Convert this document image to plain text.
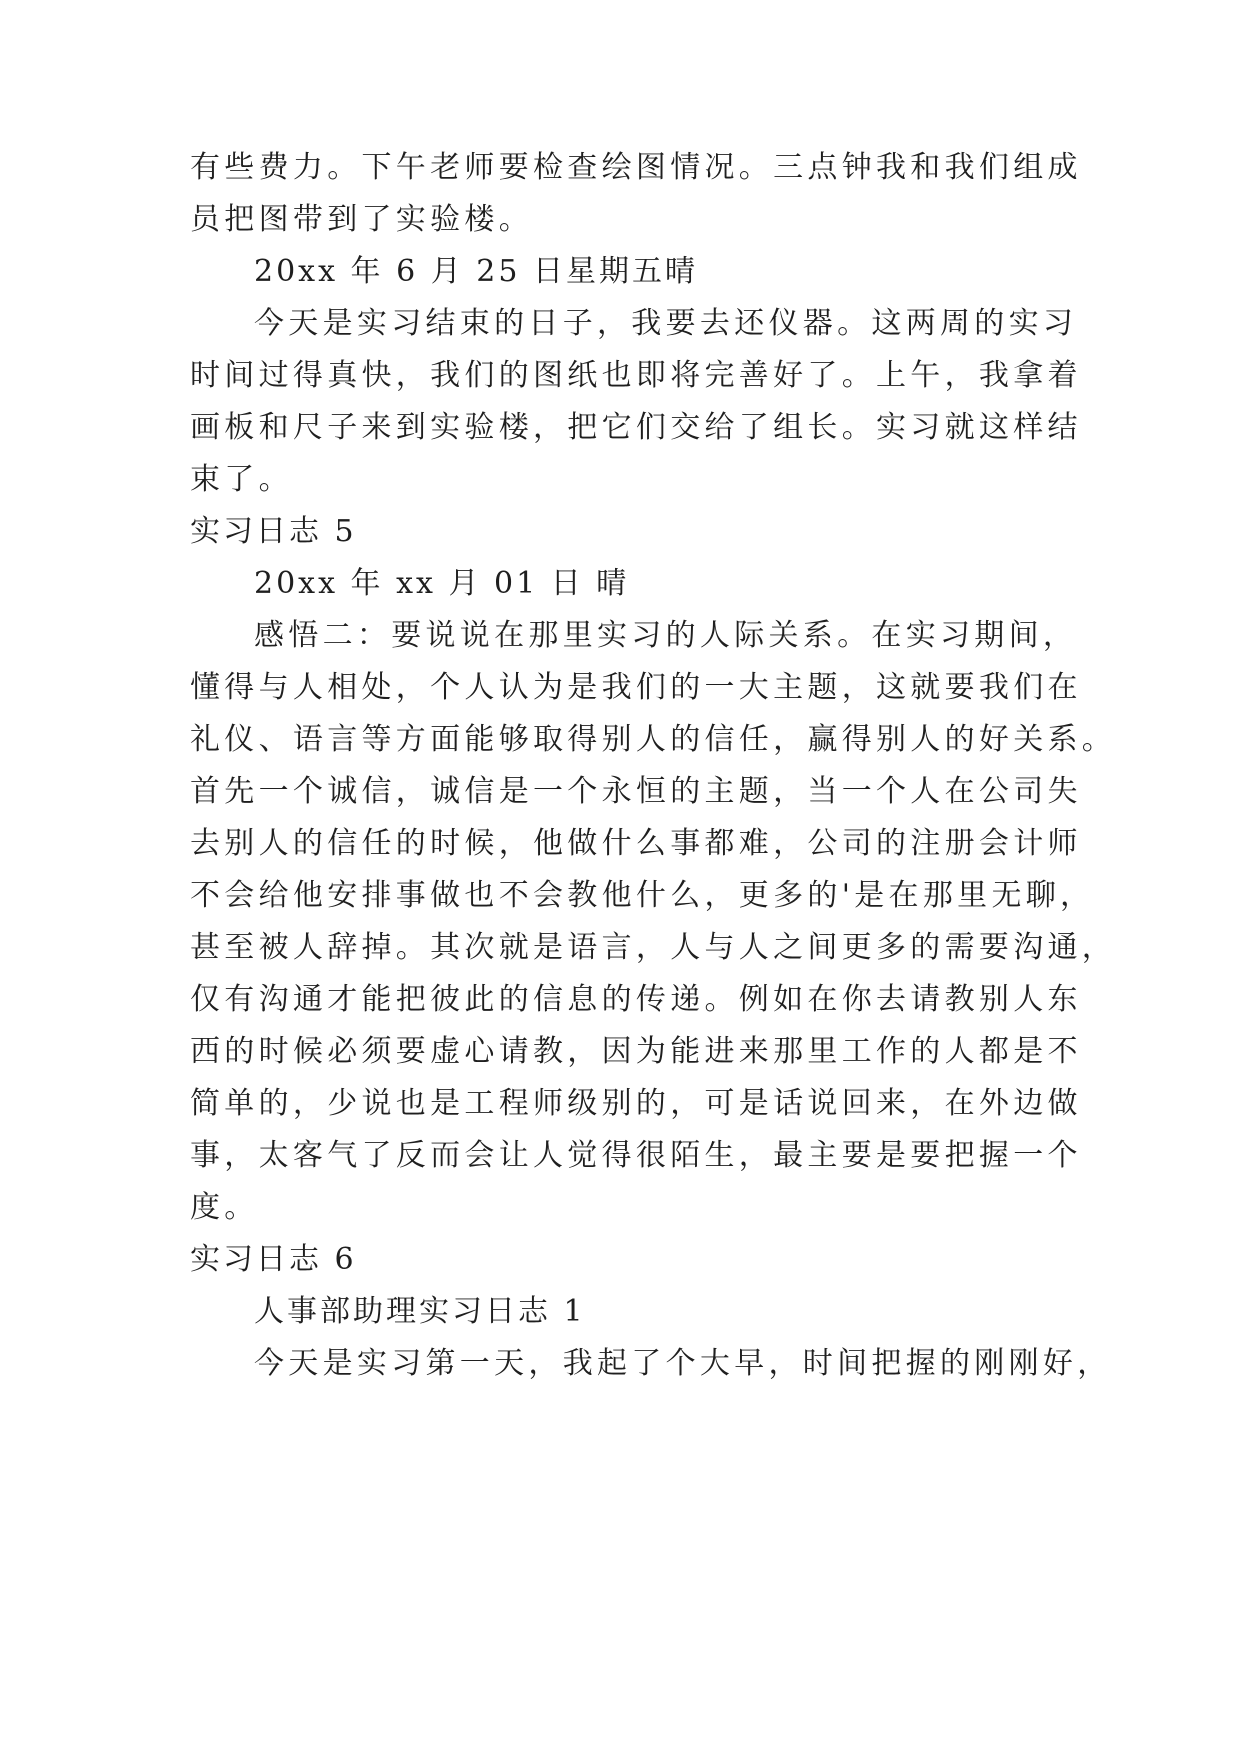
有些费力。下午老师要检查绘图情况。三点钟我和我们组成
员把图带到了实验楼。
20xx 年 6 月 25 日星期五晴
今天是实习结束的日子，我要去还仪器。这两周的实习
时间过得真快，我们的图纸也即将完善好了。上午，我拿着
画板和尺子来到实验楼，把它们交给了组长。实习就这样结
束了。
实习日志 5
20xx 年 xx 月 01 日 晴
感悟二：要说说在那里实习的人际关系。在实习期间，
懂得与人相处，个人认为是我们的一大主题，这就要我们在
礼仪、语言等方面能够取得别人的信任，赢得别人的好关系。
首先一个诚信，诚信是一个永恒的主题，当一个人在公司失
去别人的信任的时候，他做什么事都难，公司的注册会计师
不会给他安排事做也不会教他什么，更多的'是在那里无聊，
甚至被人辞掉。其次就是语言，人与人之间更多的需要沟通，
仅有沟通才能把彼此的信息的传递。例如在你去请教别人东
西的时候必须要虚心请教，因为能进来那里工作的人都是不
简单的，少说也是工程师级别的，可是话说回来，在外边做
事，太客气了反而会让人觉得很陌生，最主要是要把握一个
度。
实习日志 6
人事部助理实习日志 1
今天是实习第一天，我起了个大早，时间把握的刚刚好，
